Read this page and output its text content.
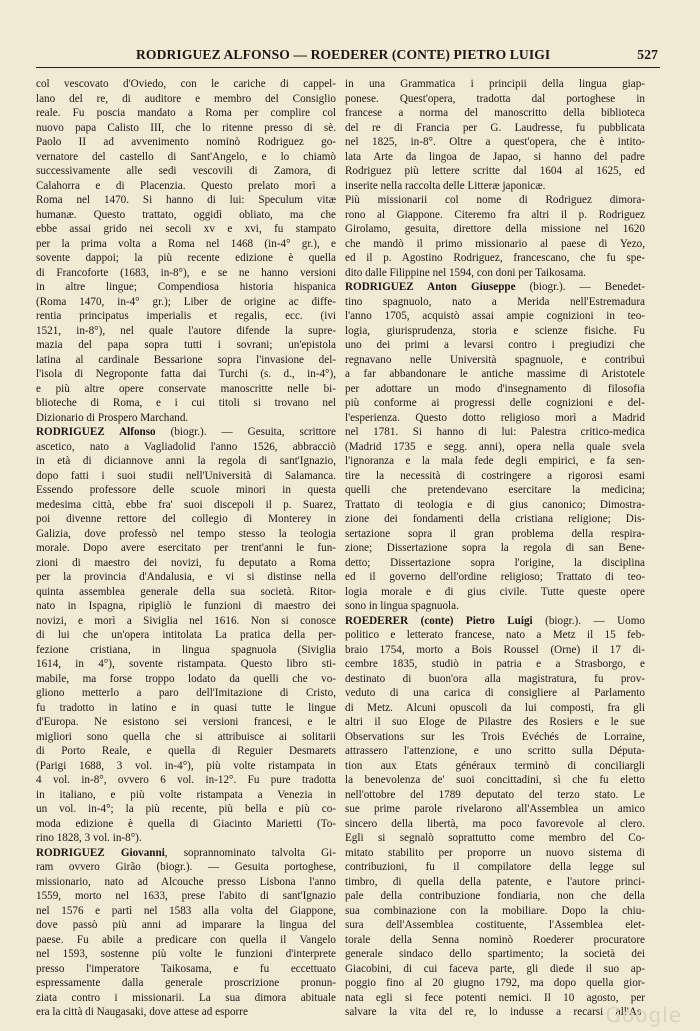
RODRIGUEZ ALFONSO — ROEDERER (CONTE) PIETRO LUIGI	527
col vescovato d'Oviedo, con le cariche di cappel-
lano del re, di auditore e membro del Consiglio
reale. Fu poscia mandato a Roma per complire col
nuovo papa Calisto III, che lo ritenne presso di sè.
Paolo II ad avvenimento nominò Rodriguez go-
vernatore del castello di Sant'Angelo, e lo chiamò
successivamente alle sedi vescovili di Zamora, di
Calahorra e di Placenzia. Questo prelato morì a
Roma nel 1470. Si hanno di lui: Speculum vitæ
humanæ. Questo trattato, oggidì obliato, ma che
ebbe assai grido nei secoli xv e xvi, fu stampato
per la prima volta a Roma nel 1468 (in-4° gr.), e
sovente dappoi; la più recente edizione è quella
di Francoforte (1683, in-8°), e se ne hanno versioni
in altre lingue; Compendiosa historia hispanica
(Roma 1470, in-4° gr.); Liber de origine ac diffe-
rentia principatus imperialis et regalis, ecc. (ivi
1521, in-8°), nel quale l'autore difende la supre-
mazia del papa sopra tutti i sovrani; un'epistola
latina al cardinale Bessarione sopra l'invasione del-
l'isola di Negroponte fatta dai Turchi (s. d., in-4°),
e più altre opere conservate manoscritte nelle bi-
blioteche di Roma, e i cui titoli si trovano nel
Dizionario di Prospero Marchand.
RODRIGUEZ Alfonso (biogr.). — Gesuita, scrittore
ascetico, nato a Vagliadolid l'anno 1526, abbracciò
in età di diciannove anni la regola di sant'Ignazio,
dopo fatti i suoi studii nell'Università di Salamanca.
Essendo professore delle scuole minori in questa
medesima città, ebbe fra' suoi discepoli il p. Suarez,
poi divenne rettore del collegio di Monterey in
Galizia, dove professò nel tempo stesso la teologia
morale. Dopo avere esercitato per trent'anni le fun-
zioni di maestro dei novizi, fu deputato a Roma
per la provincia d'Andalusia, e vi si distinse nella
quinta assemblea generale della sua società. Ritor-
nato in Ispagna, ripigliò le funzioni di maestro dei
novizi, e morì a Siviglia nel 1616. Non si conosce
di lui che un'opera intitolata La pratica della per-
fezione cristiana, in lingua spagnuola (Siviglia
1614, in 4°), sovente ristampata. Questo libro sti-
mabile, ma forse troppo lodato da quelli che vo-
gliono metterlo a paro dell'Imitazione di Cristo,
fu tradotto in latino e in quasi tutte le lingue
d'Europa. Ne esistono sei versioni francesi, e le
migliori sono quella che si attribuisce ai solitarii
di Porto Reale, e quella di Reguier Desmarets
(Parigi 1688, 3 vol. in-4°), più volte ristampata in
4 vol. in-8°, ovvero 6 vol. in-12°. Fu pure tradotta
in italiano, e più volte ristampata a Venezia in
un vol. in-4°; la più recente, più bella e più co-
moda edizione è quella di Giacinto Marietti (To-
rino 1828, 3 vol. in-8°).
RODRIGUEZ Giovanni, soprannominato talvolta Gi-
ram ovvero Girão (biogr.). — Gesuita portoghese,
missionario, nato ad Alcouche presso Lisbona l'anno
1559, morto nel 1633, prese l'abito di sant'Ignazio
nel 1576 e partì nel 1583 alla volta del Giappone,
dove passò più anni ad imparare la lingua del
paese. Fu abile a predicare con quella il Vangelo
nel 1593, sostenne più volte le funzioni d'interprete
presso l'imperatore Taikosama, e fu eccettuato
espressamente dalla generale proscrizione pronun-
ziata contro i missionarii. La sua dimora abituale
era la città di Naugasaki, dove attese ad esporre
in una Grammatica i principii della lingua giap-
ponese. Quest'opera, tradotta dal portoghese in
francese a norma del manoscritto della biblioteca
del re di Francia per G. Laudresse, fu pubblicata
nel 1825, in-8°. Oltre a quest'opera, che è intito-
lata Arte da lingoa de Japao, si hanno del padre
Rodriguez più lettere scritte dal 1604 al 1625, ed
inserite nella raccolta delle Litteræ japonicæ.
Più missionarii col nome di Rodriguez dimora-
rono al Giappone. Citeremo fra altri il p. Rodriguez
Girolamo, gesuita, direttore della missione nel 1620
che mandò il primo missionario al paese di Yezo,
ed il p. Agostino Rodriguez, francescano, che fu spe-
dito dalle Filippine nel 1594, con doni per Taikosama.
RODRIGUEZ Anton Giuseppe (biogr.). — Benedet-
tino spagnuolo, nato a Merida nell'Estremadura
l'anno 1705, acquistò assai ampie cognizioni in teo-
logia, giurisprudenza, storia e scienze fisiche. Fu
uno dei primi a levarsi contro i pregiudizi che
regnavano nelle Università spagnuole, e contribuì
a far abbandonare le antiche massime di Aristotele
per adottare un modo d'insegnamento di filosofia
più conforme ai progressi delle cognizioni e del-
l'esperienza. Questo dotto religioso morì a Madrid
nel 1781. Si hanno di lui: Palestra critico-medica
(Madrid 1735 e segg. anni), opera nella quale svela
l'ignoranza e la mala fede degli empirici, e fa sen-
tire la necessità di costringere a rigorosi esami
quelli che pretendevano esercitare la medicina;
Trattato di teologia e di gius canonico; Dimostra-
zione dei fondamenti della cristiana religione; Dis-
sertazione sopra il gran problema della respira-
zione; Dissertazione sopra la regola di san Bene-
detto; Dissertazione sopra l'origine, la disciplina
ed il governo dell'ordine religioso; Trattato di teo-
logia morale e di gius civile. Tutte queste opere
sono in lingua spagnuola.
ROEDERER (conte) Pietro Luigi (biogr.). — Uomo
politico e letterato francese, nato a Metz il 15 feb-
braio 1754, morto a Bois Roussel (Orne) il 17 di-
cembre 1835, studiò in patria e a Strasborgo, e
destinato di buon'ora alla magistratura, fu prov-
veduto di una carica di consigliere al Parlamento
di Metz. Alcuni opuscoli da lui composti, fra gli
altri il suo Eloge de Pilastre des Rosiers e le sue
Observations sur les Trois Evéchés de Lorraine,
attrassero l'attenzione, e uno scritto sulla Députa-
tion aux Etats généraux terminò di conciliargli
la benevolenza de' suoi concittadini, sì che fu eletto
nell'ottobre del 1789 deputato del terzo stato. Le
sue prime parole rivelarono all'Assemblea un amico
sincero della libertà, ma poco favorevole al clero.
Egli si segnalò soprattutto come membro del Co-
mitato stabilito per proporre un nuovo sistema di
contribuzioni, fu il compilatore della legge sul
timbro, di quella della patente, e l'autore princi-
pale della contribuzione fondiaria, non che della
sua combinazione con la mobiliare. Dopo la chiu-
sura dell'Assemblea costituente, l'Assemblea elet-
torale della Senna nominò Roederer procuratore
generale sindaco dello spartimento; la società dei
Giacobini, di cui faceva parte, gli diede il suo ap-
poggio fino al 20 giugno 1792, ma dopo quella gior-
nata egli si fece potenti nemici. Il 10 agosto, per
salvare la vita del re, lo indusse a recarsi all'As-
Google
